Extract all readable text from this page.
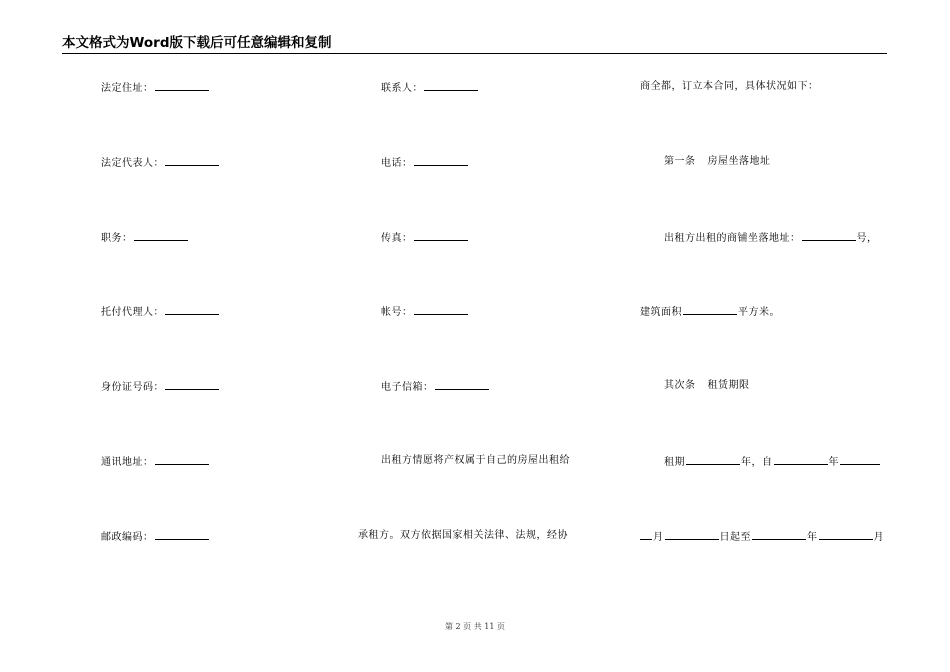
本文格式为Word版下载后可任意编辑和复制
法定住址：
法定代表人：
职务：
托付代理人：
身份证号码：
通讯地址：
邮政编码：
联系人：
电话：
传真：
帐号：
电子信箱：
出租方情愿将产权属于自己的房屋出租给
承租方。双方依据国家相关法律、法规，经协
商全都，订立本合同，具体状况如下：
第一条 房屋坐落地址
出租方出租的商铺坐落地址：	号，
建筑面积	平方米。
其次条 租赁期限
租期	年，自	年
月	日起至	年	月
第 2 页 共 11 页
